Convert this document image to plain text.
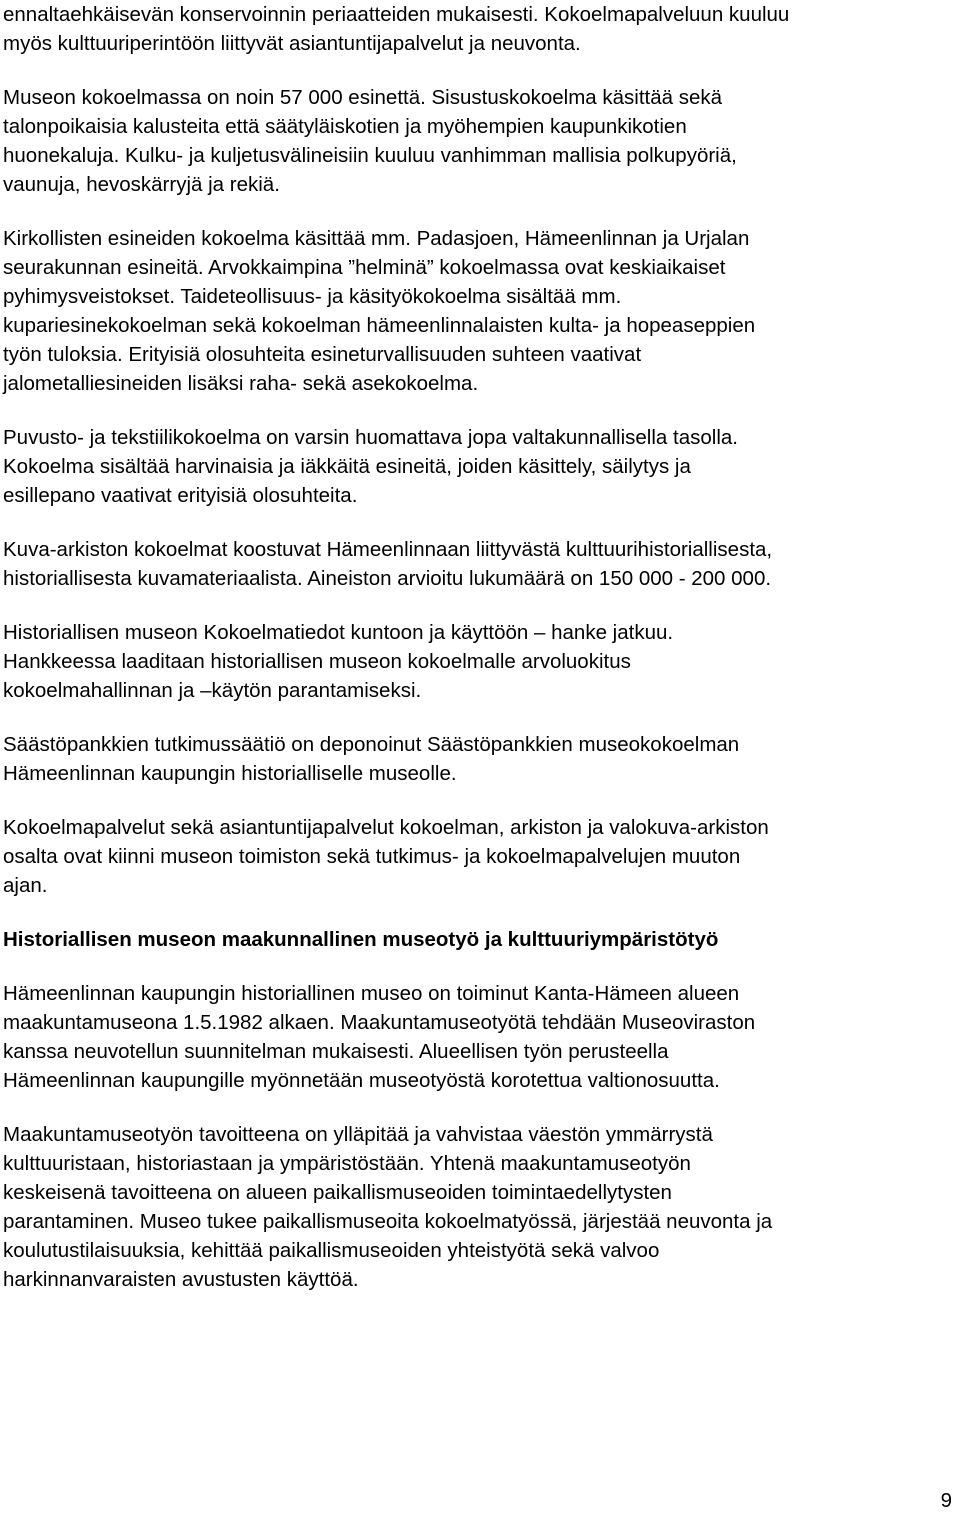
ennaltaehkäisevän konservoinnin periaatteiden mukaisesti. Kokoelmapalveluun kuuluu
myös kulttuuriperintöön liittyvät asiantuntijapalvelut ja neuvonta.
Museon kokoelmassa on noin 57 000 esinettä. Sisustuskokoelma käsittää sekä
talonpoikaisia kalusteita että säätyläiskotien ja myöhempien kaupunkikotien
huonekaluja. Kulku- ja kuljetusvälineisiin kuuluu vanhimman mallisia polkupyöriä,
vaunuja, hevoskärryjä ja rekiä.
Kirkollisten esineiden kokoelma käsittää mm. Padasjoen, Hämeenlinnan ja Urjalan
seurakunnan esineitä. Arvokkaimpina ”helminä” kokoelmassa ovat keskiaikaiset
pyhimysveistokset. Taideteollisuus- ja käsityökokoelma sisältää mm.
kupariesinekokoelman sekä kokoelman hämeenlinnalaisten kulta- ja hopeaseppien
työn tuloksia. Erityisiä olosuhteita esineturvallisuuden suhteen vaativat
jalometalliesineiden lisäksi raha- sekä asekokoelma.
Puvusto- ja tekstiilikokoelma on varsin huomattava jopa valtakunnallisella tasolla.
Kokoelma sisältää harvinaisia ja iäkkäitä esineitä, joiden käsittely, säilytys ja
esillepano vaativat erityisiä olosuhteita.
Kuva-arkiston kokoelmat koostuvat Hämeenlinnaan liittyvästä kulttuurihistoriallisesta,
historiallisesta kuvamateriaalista. Aineiston arvioitu lukumäärä on 150 000 - 200 000.
Historiallisen museon Kokoelmatiedot kuntoon ja käyttöön – hanke jatkuu.
Hankkeessa laaditaan historiallisen museon kokoelmalle arvoluokitus
kokoelmahallinnan ja –käytön parantamiseksi.
Säästöpankkien tutkimussäätiö on deponoinut Säästöpankkien museokokoelman
Hämeenlinnan kaupungin historialliselle museolle.
Kokoelmapalvelut sekä asiantuntijapalvelut kokoelman, arkiston ja valokuva-arkiston
osalta ovat kiinni museon toimiston sekä tutkimus- ja kokoelmapalvelujen muuton
ajan.
Historiallisen museon maakunnallinen museotyö ja kulttuuriympäristötyö
Hämeenlinnan kaupungin historiallinen museo on toiminut Kanta-Hämeen alueen
maakuntamuseona 1.5.1982 alkaen. Maakuntamuseotyötä tehdään Museoviraston
kanssa neuvotellun suunnitelman mukaisesti. Alueellisen työn perusteella
Hämeenlinnan kaupungille myönnetään museotyöstä korotettua valtionosuutta.
Maakuntamuseotyön tavoitteena on ylläpitää ja vahvistaa väestön ymmärrystä
kulttuuristaan, historiastaan ja ympäristöstään. Yhtenä maakuntamuseotyön
keskeisenä tavoitteena on alueen paikallismuseoiden toimintaedellytysten
parantaminen. Museo tukee paikallismuseoita kokoelmatyössä, järjestää neuvonta ja
koulutustilaisuuksia, kehittää paikallismuseoiden yhteistyötä sekä valvoo
harkinnanvaraisten avustusten käyttöä.
9
